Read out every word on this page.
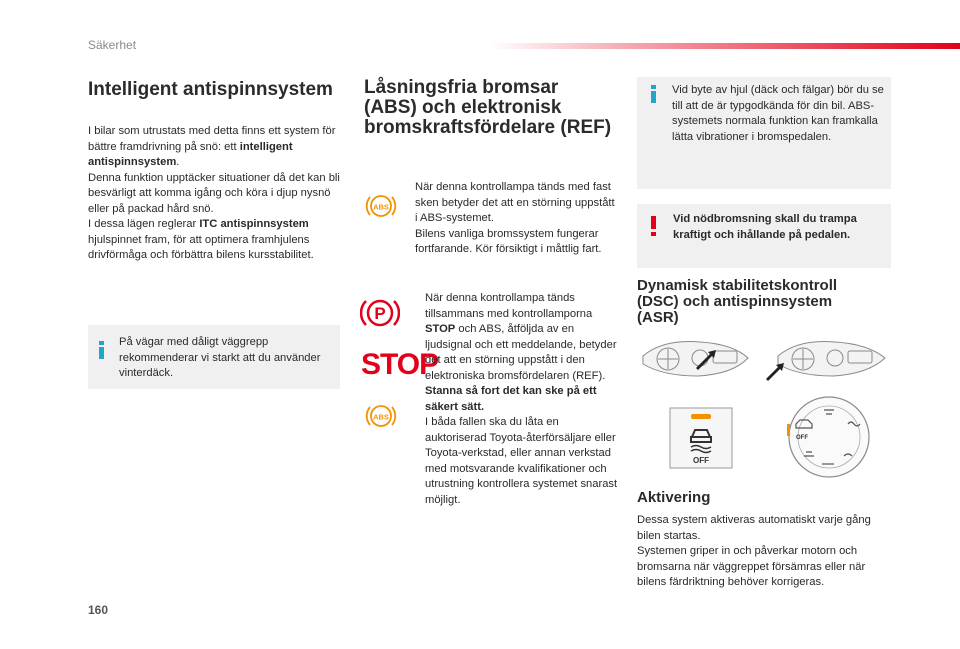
Säkerhet
Intelligent antispinnsystem
I bilar som utrustats med detta finns ett system för bättre framdrivning på snö: ett intelligent antispinnsystem.
Denna funktion upptäcker situationer då det kan bli besvärligt att komma igång och köra i djup nysnö eller på packad hård snö.
I dessa lägen reglerar ITC antispinnsystem hjulspinnet fram, för att optimera framhjulens drivförmåga och förbättra bilens kursstabilitet.
På vägar med dåligt väggrepp rekommenderar vi starkt att du använder vinterdäck.
Låsningsfria bromsar
(ABS) och elektronisk
bromskraftsfördelare (REF)
ABS
När denna kontrollampa tänds med fast sken betyder det att en störning uppstått i ABS-systemet.
Bilens vanliga bromssystem fungerar fortfarande. Kör försiktigt i måttlig fart.
P
STOP
ABS
När denna kontrollampa tänds tillsammans med kontrollamporna STOP och ABS, åtföljda av en ljudsignal och ett meddelande, betyder det att en störning uppstått i den elektroniska bromsfördelaren (REF).
Stanna så fort det kan ske på ett säkert sätt.
I båda fallen ska du låta en auktoriserad Toyota-återförsäljare eller Toyota-verkstad, eller annan verkstad med motsvarande kvalifikationer och utrustning kontrollera systemet snarast möjligt.
Vid byte av hjul (däck och fälgar) bör du se till att de är typgodkända för din bil. ABS-systemets normala funktion kan framkalla lätta vibrationer i bromspedalen.
Vid nödbromsning skall du trampa kraftigt och ihållande på pedalen.
Dynamisk stabilitetskontroll
(DSC) och antispinnsystem
(ASR)
OFF
OFF
Aktivering
Dessa system aktiveras automatiskt varje gång bilen startas.
Systemen griper in och påverkar motorn och bromsarna när väggreppet försämras eller när bilens färdriktning behöver korrigeras.
160
